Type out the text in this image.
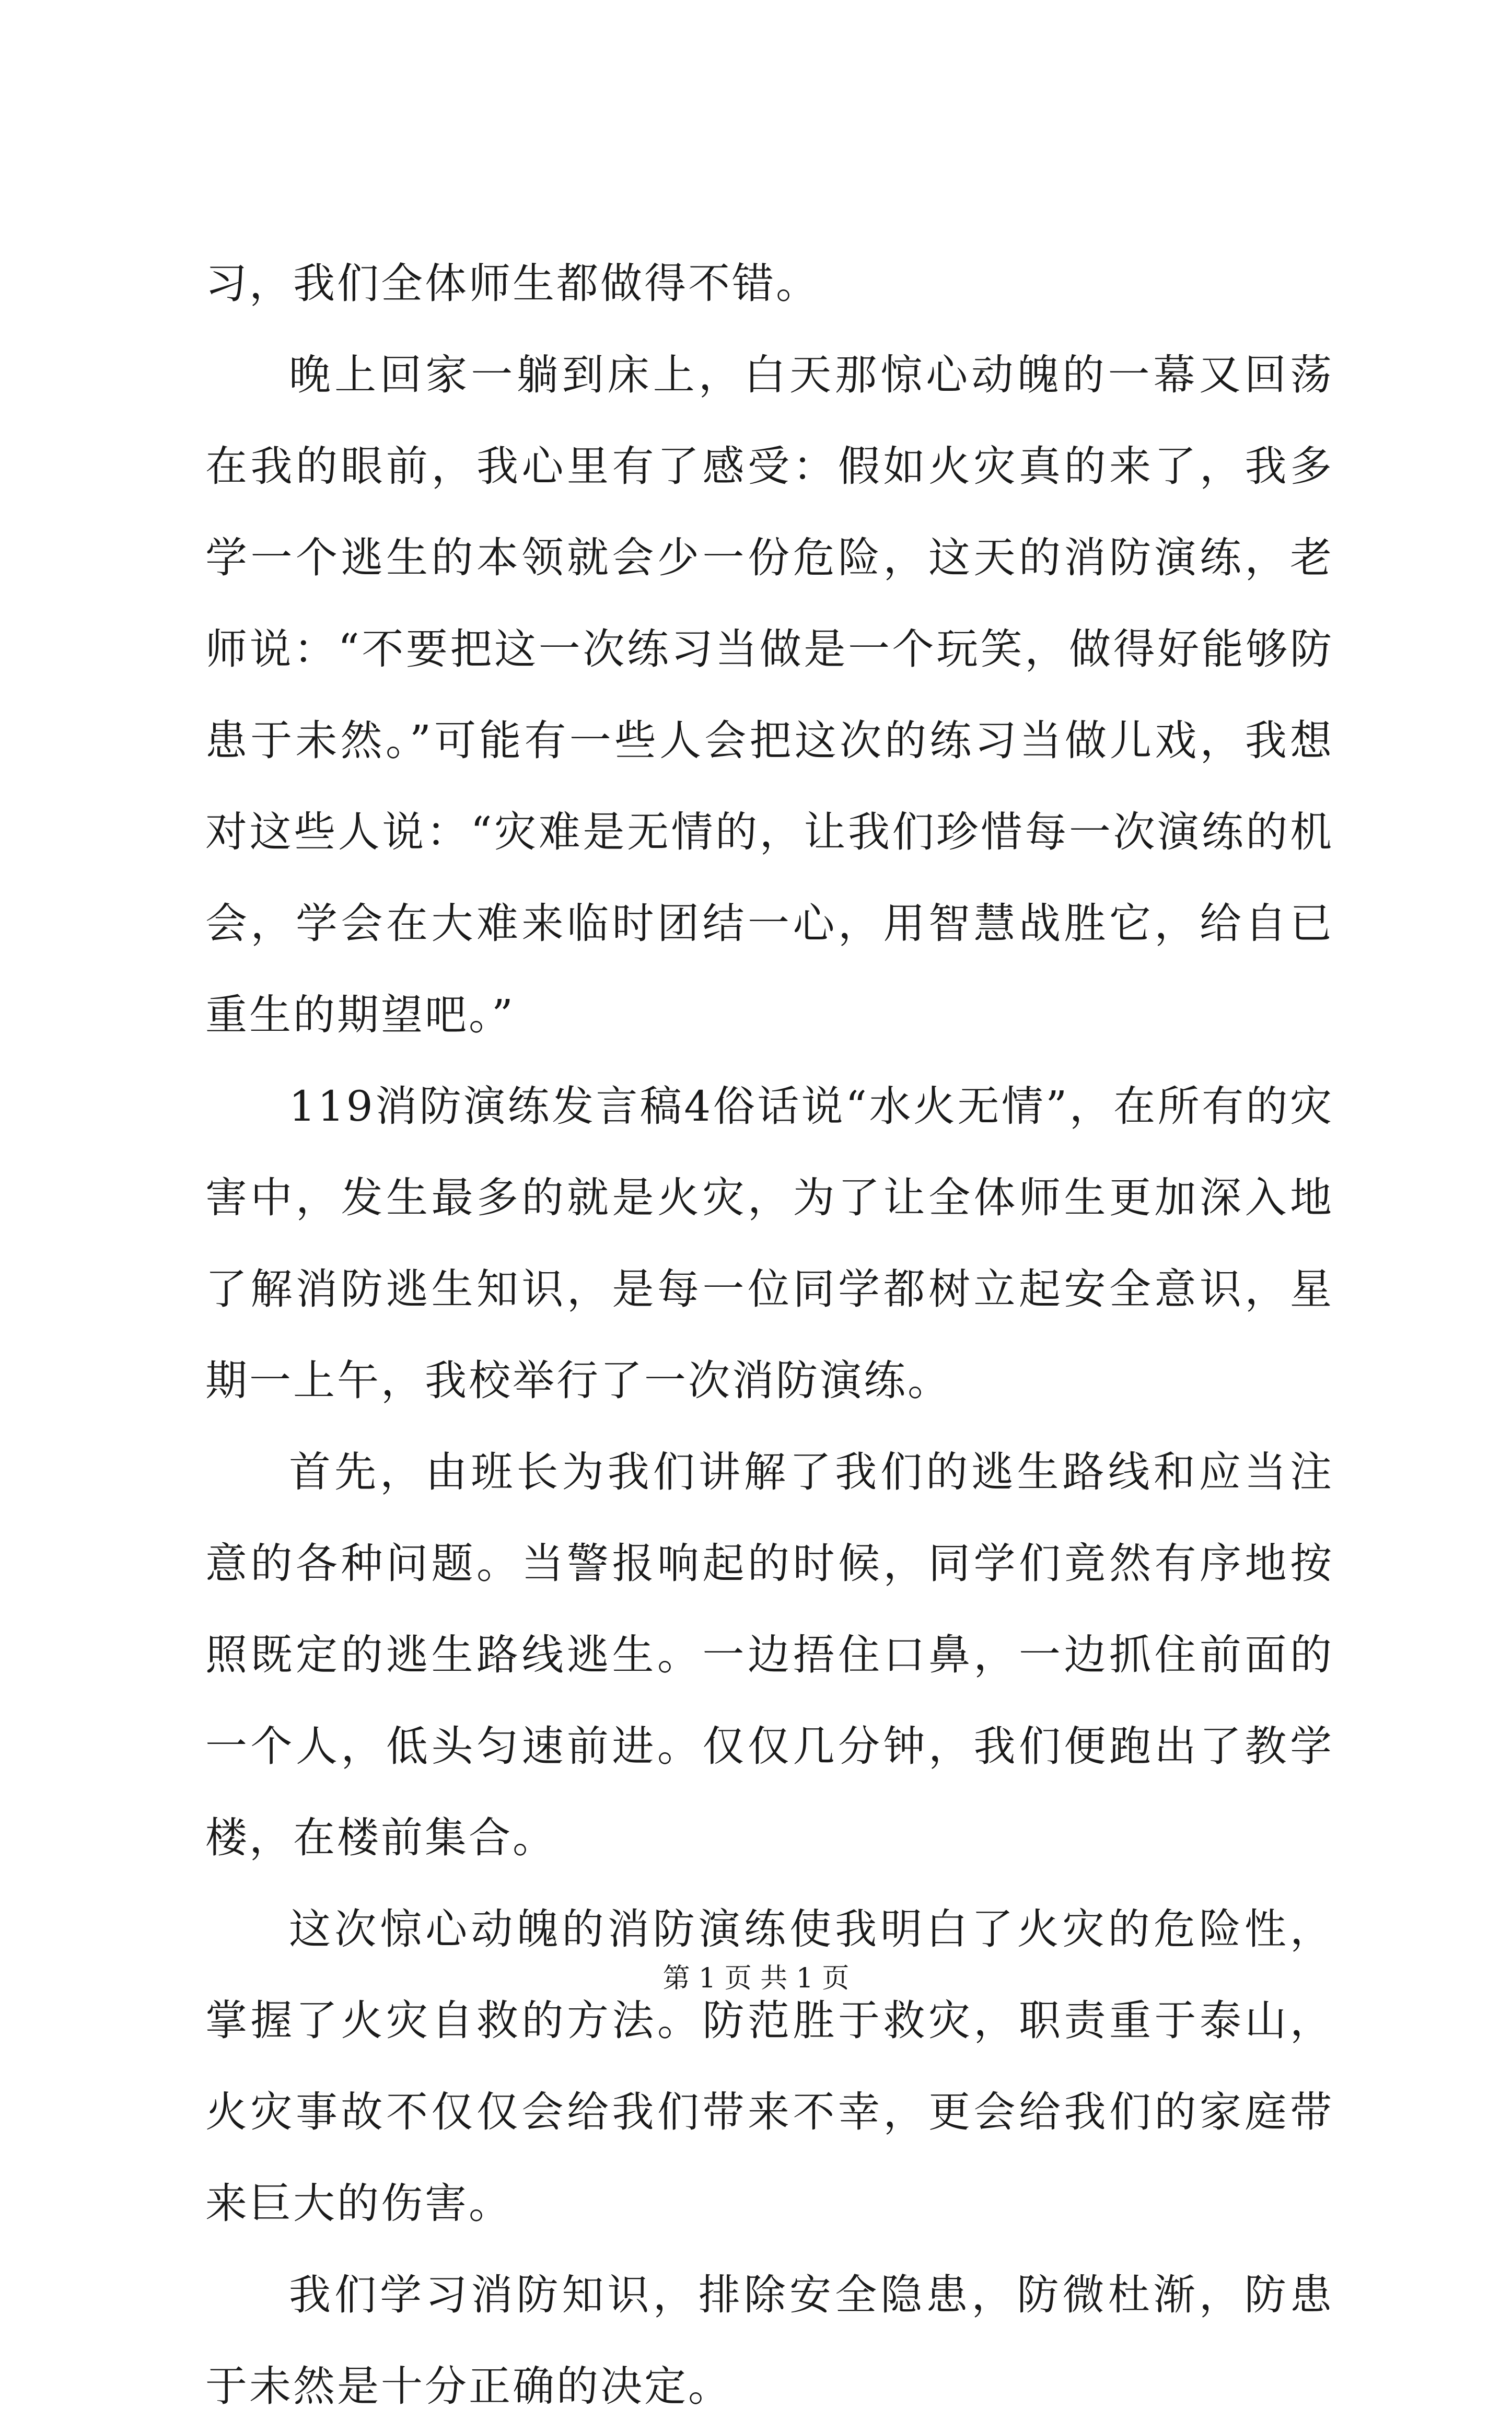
习，我们全体师生都做得不错。

晚上回家一躺到床上，白天那惊心动魄的一幕又回荡在我的眼前，我心里有了感受：假如火灾真的来了，我多学一个逃生的本领就会少一份危险，这天的消防演练，老师说：“不要把这一次练习当做是一个玩笑，做得好能够防患于未然。”可能有一些人会把这次的练习当做儿戏，我想对这些人说：“灾难是无情的，让我们珍惜每一次演练的机会，学会在大难来临时团结一心，用智慧战胜它，给自已重生的期望吧。”

119消防演练发言稿4俗话说“水火无情”，在所有的灾害中，发生最多的就是火灾，为了让全体师生更加深入地了解消防逃生知识，是每一位同学都树立起安全意识，星期一上午，我校举行了一次消防演练。

首先，由班长为我们讲解了我们的逃生路线和应当注意的各种问题。当警报响起的时候，同学们竟然有序地按照既定的逃生路线逃生。一边捂住口鼻，一边抓住前面的一个人，低头匀速前进。仅仅几分钟，我们便跑出了教学楼，在楼前集合。

这次惊心动魄的消防演练使我明白了火灾的危险性，掌握了火灾自救的方法。防范胜于救灾，职责重于泰山，火灾事故不仅仅会给我们带来不幸，更会给我们的家庭带来巨大的伤害。

我们学习消防知识，排除安全隐患，防微杜渐，防患于未然是十分正确的决定。

第 1 页 共 1 页
